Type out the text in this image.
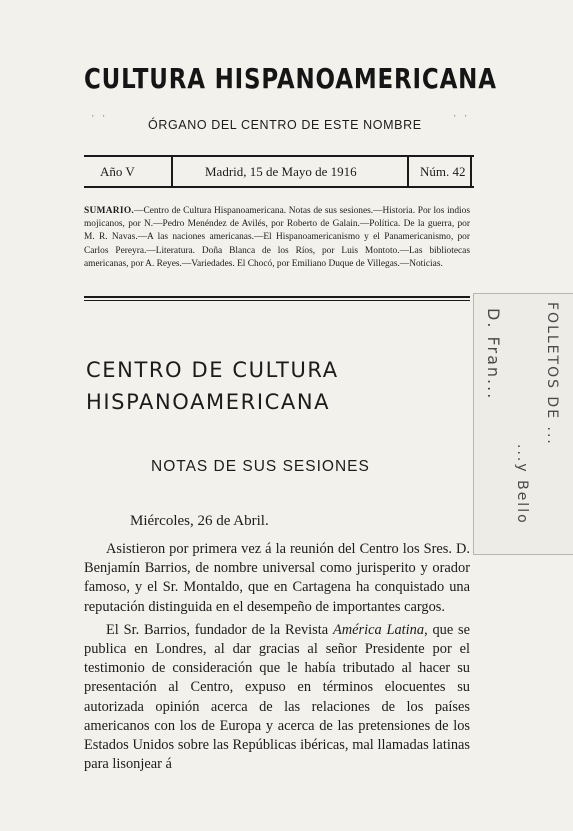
CULTURA HISPANOAMERICANA
ÓRGANO DEL CENTRO DE ESTE NOMBRE
Año V	Madrid, 15 de Mayo de 1916	Núm. 42
SUMARIO.—Centro de Cultura Hispanoamericana. Notas de sus sesiones.—Historia. Por los indios mojicanos, por N.—Pedro Menéndez de Avilés, por Roberto de Galain.—Política. De la guerra, por M. R. Navas.—A las naciones americanas.—El Hispanoamericanismo y el Panamericanismo, por Carlos Pereyra.—Literatura. Doña Blanca de los Ríos, por Luis Montoto.—Las bibliotecas americanas, por A. Reyes.—Variedades. El Chocó, por Emiliano Duque de Villegas.—Noticias.
CENTRO DE CULTURA
HISPANOAMERICANA
NOTAS DE SUS SESIONES
Miércoles, 26 de Abril.

Asistieron por primera vez á la reunión del Centro los Sres. D. Benjamín Barrios, de nombre universal como jurisperito y orador famoso, y el Sr. Montaldo, que en Cartagena ha conquistado una reputación distinguida en el desempeño de importantes cargos.

El Sr. Barrios, fundador de la Revista América Latina, que se publica en Londres, al dar gracias al señor Presidente por el testimonio de consideración que le había tributado al hacer su presentación al Centro, expuso en términos elocuentes su autorizada opinión acerca de las relaciones de los países americanos con los de Europa y acerca de las pretensiones de los Estados Unidos sobre las Repúblicas ibéricas, mal llamadas latinas para lisonjear á

FOLLETOS DE ...
D. Fran...
...y Bello
· ·	· ·
